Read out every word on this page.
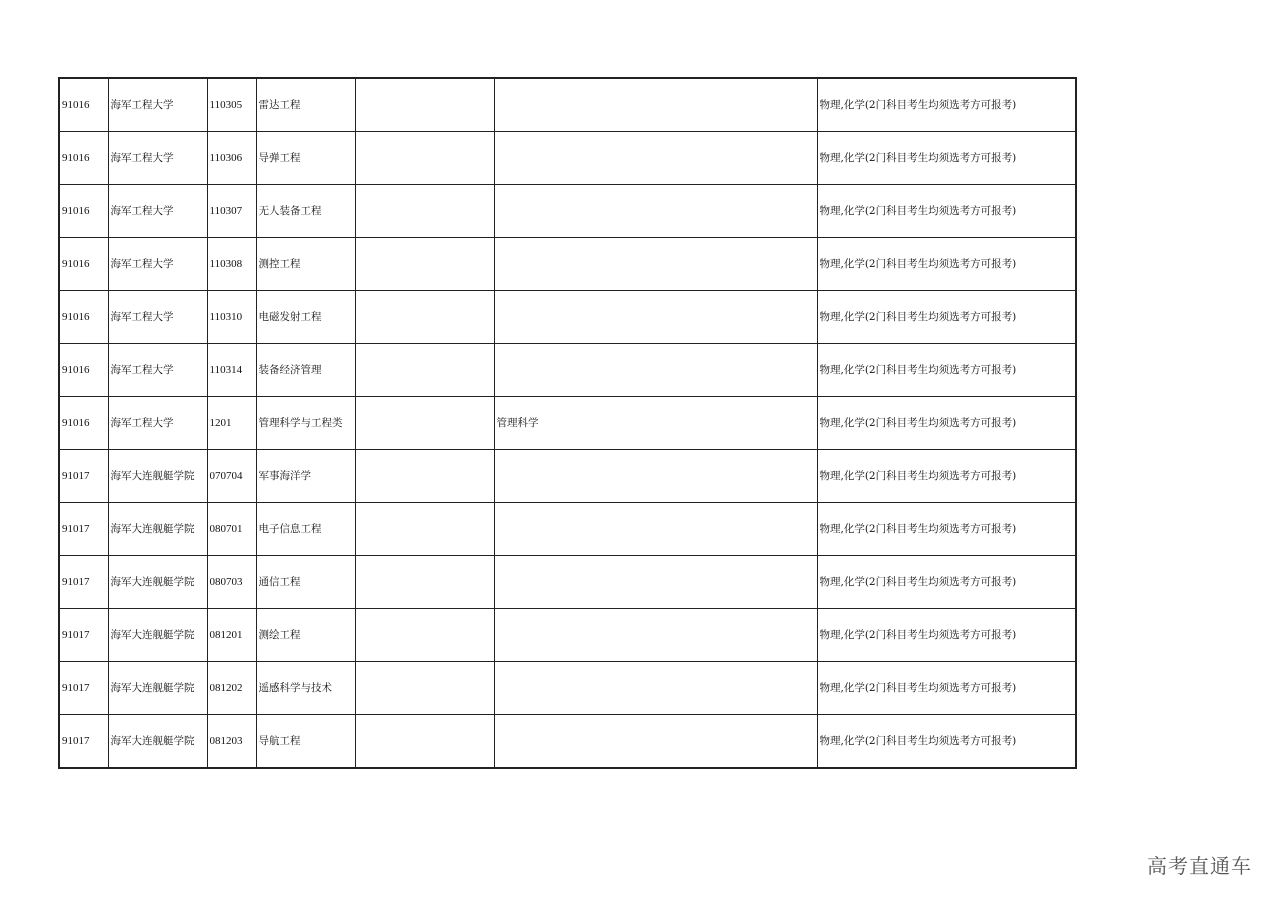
91016	海军工程大学	110305	雷达工程			物理,化学(2门科目考生均须选考方可报考)
91016	海军工程大学	110306	导弹工程			物理,化学(2门科目考生均须选考方可报考)
91016	海军工程大学	110307	无人装备工程			物理,化学(2门科目考生均须选考方可报考)
91016	海军工程大学	110308	测控工程			物理,化学(2门科目考生均须选考方可报考)
91016	海军工程大学	110310	电磁发射工程			物理,化学(2门科目考生均须选考方可报考)
91016	海军工程大学	110314	装备经济管理			物理,化学(2门科目考生均须选考方可报考)
91016	海军工程大学	1201	管理科学与工程类		管理科学	物理,化学(2门科目考生均须选考方可报考)
91017	海军大连舰艇学院	070704	军事海洋学			物理,化学(2门科目考生均须选考方可报考)
91017	海军大连舰艇学院	080701	电子信息工程			物理,化学(2门科目考生均须选考方可报考)
91017	海军大连舰艇学院	080703	通信工程			物理,化学(2门科目考生均须选考方可报考)
91017	海军大连舰艇学院	081201	测绘工程			物理,化学(2门科目考生均须选考方可报考)
91017	海军大连舰艇学院	081202	遥感科学与技术			物理,化学(2门科目考生均须选考方可报考)
91017	海军大连舰艇学院	081203	导航工程			物理,化学(2门科目考生均须选考方可报考)
高考直通车
